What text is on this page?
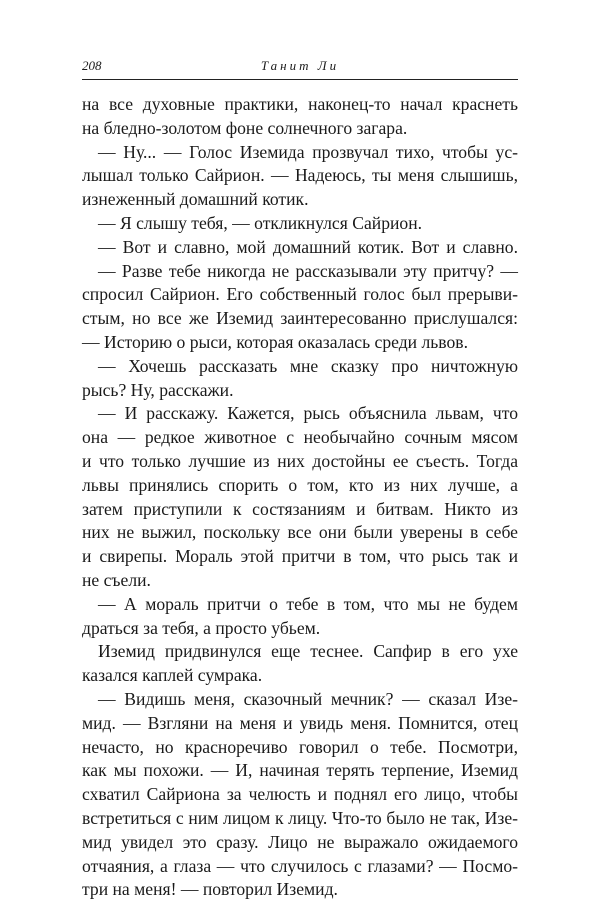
208	Танит Ли
на все духовные практики, наконец-то начал краснеть
на бледно-золотом фоне солнечного загара.
— Ну... — Голос Иземида прозвучал тихо, чтобы ус-
лышал только Сайрион. — Надеюсь, ты меня слышишь,
изнеженный домашний котик.
— Я слышу тебя, — откликнулся Сайрион.
— Вот и славно, мой домашний котик. Вот и славно.
— Разве тебе никогда не рассказывали эту притчу? —
спросил Сайрион. Его собственный голос был прерыви-
стым, но все же Иземид заинтересованно прислушался:
— Историю о рыси, которая оказалась среди львов.
— Хочешь рассказать мне сказку про ничтожную
рысь? Ну, расскажи.
— И расскажу. Кажется, рысь объяснила львам, что
она — редкое животное с необычайно сочным мясом
и что только лучшие из них достойны ее съесть. Тогда
львы принялись спорить о том, кто из них лучше, а
затем приступили к состязаниям и битвам. Никто из
них не выжил, поскольку все они были уверены в себе
и свирепы. Мораль этой притчи в том, что рысь так и
не съели.
— А мораль притчи о тебе в том, что мы не будем
драться за тебя, а просто убьем.
Иземид придвинулся еще теснее. Сапфир в его ухе
казался каплей сумрака.
— Видишь меня, сказочный мечник? — сказал Изе-
мид. — Взгляни на меня и увидь меня. Помнится, отец
нечасто, но красноречиво говорил о тебе. Посмотри,
как мы похожи. — И, начиная терять терпение, Иземид
схватил Сайриона за челюсть и поднял его лицо, чтобы
встретиться с ним лицом к лицу. Что-то было не так, Изе-
мид увидел это сразу. Лицо не выражало ожидаемого
отчаяния, а глаза — что случилось с глазами? — Посмо-
три на меня! — повторил Иземид.
